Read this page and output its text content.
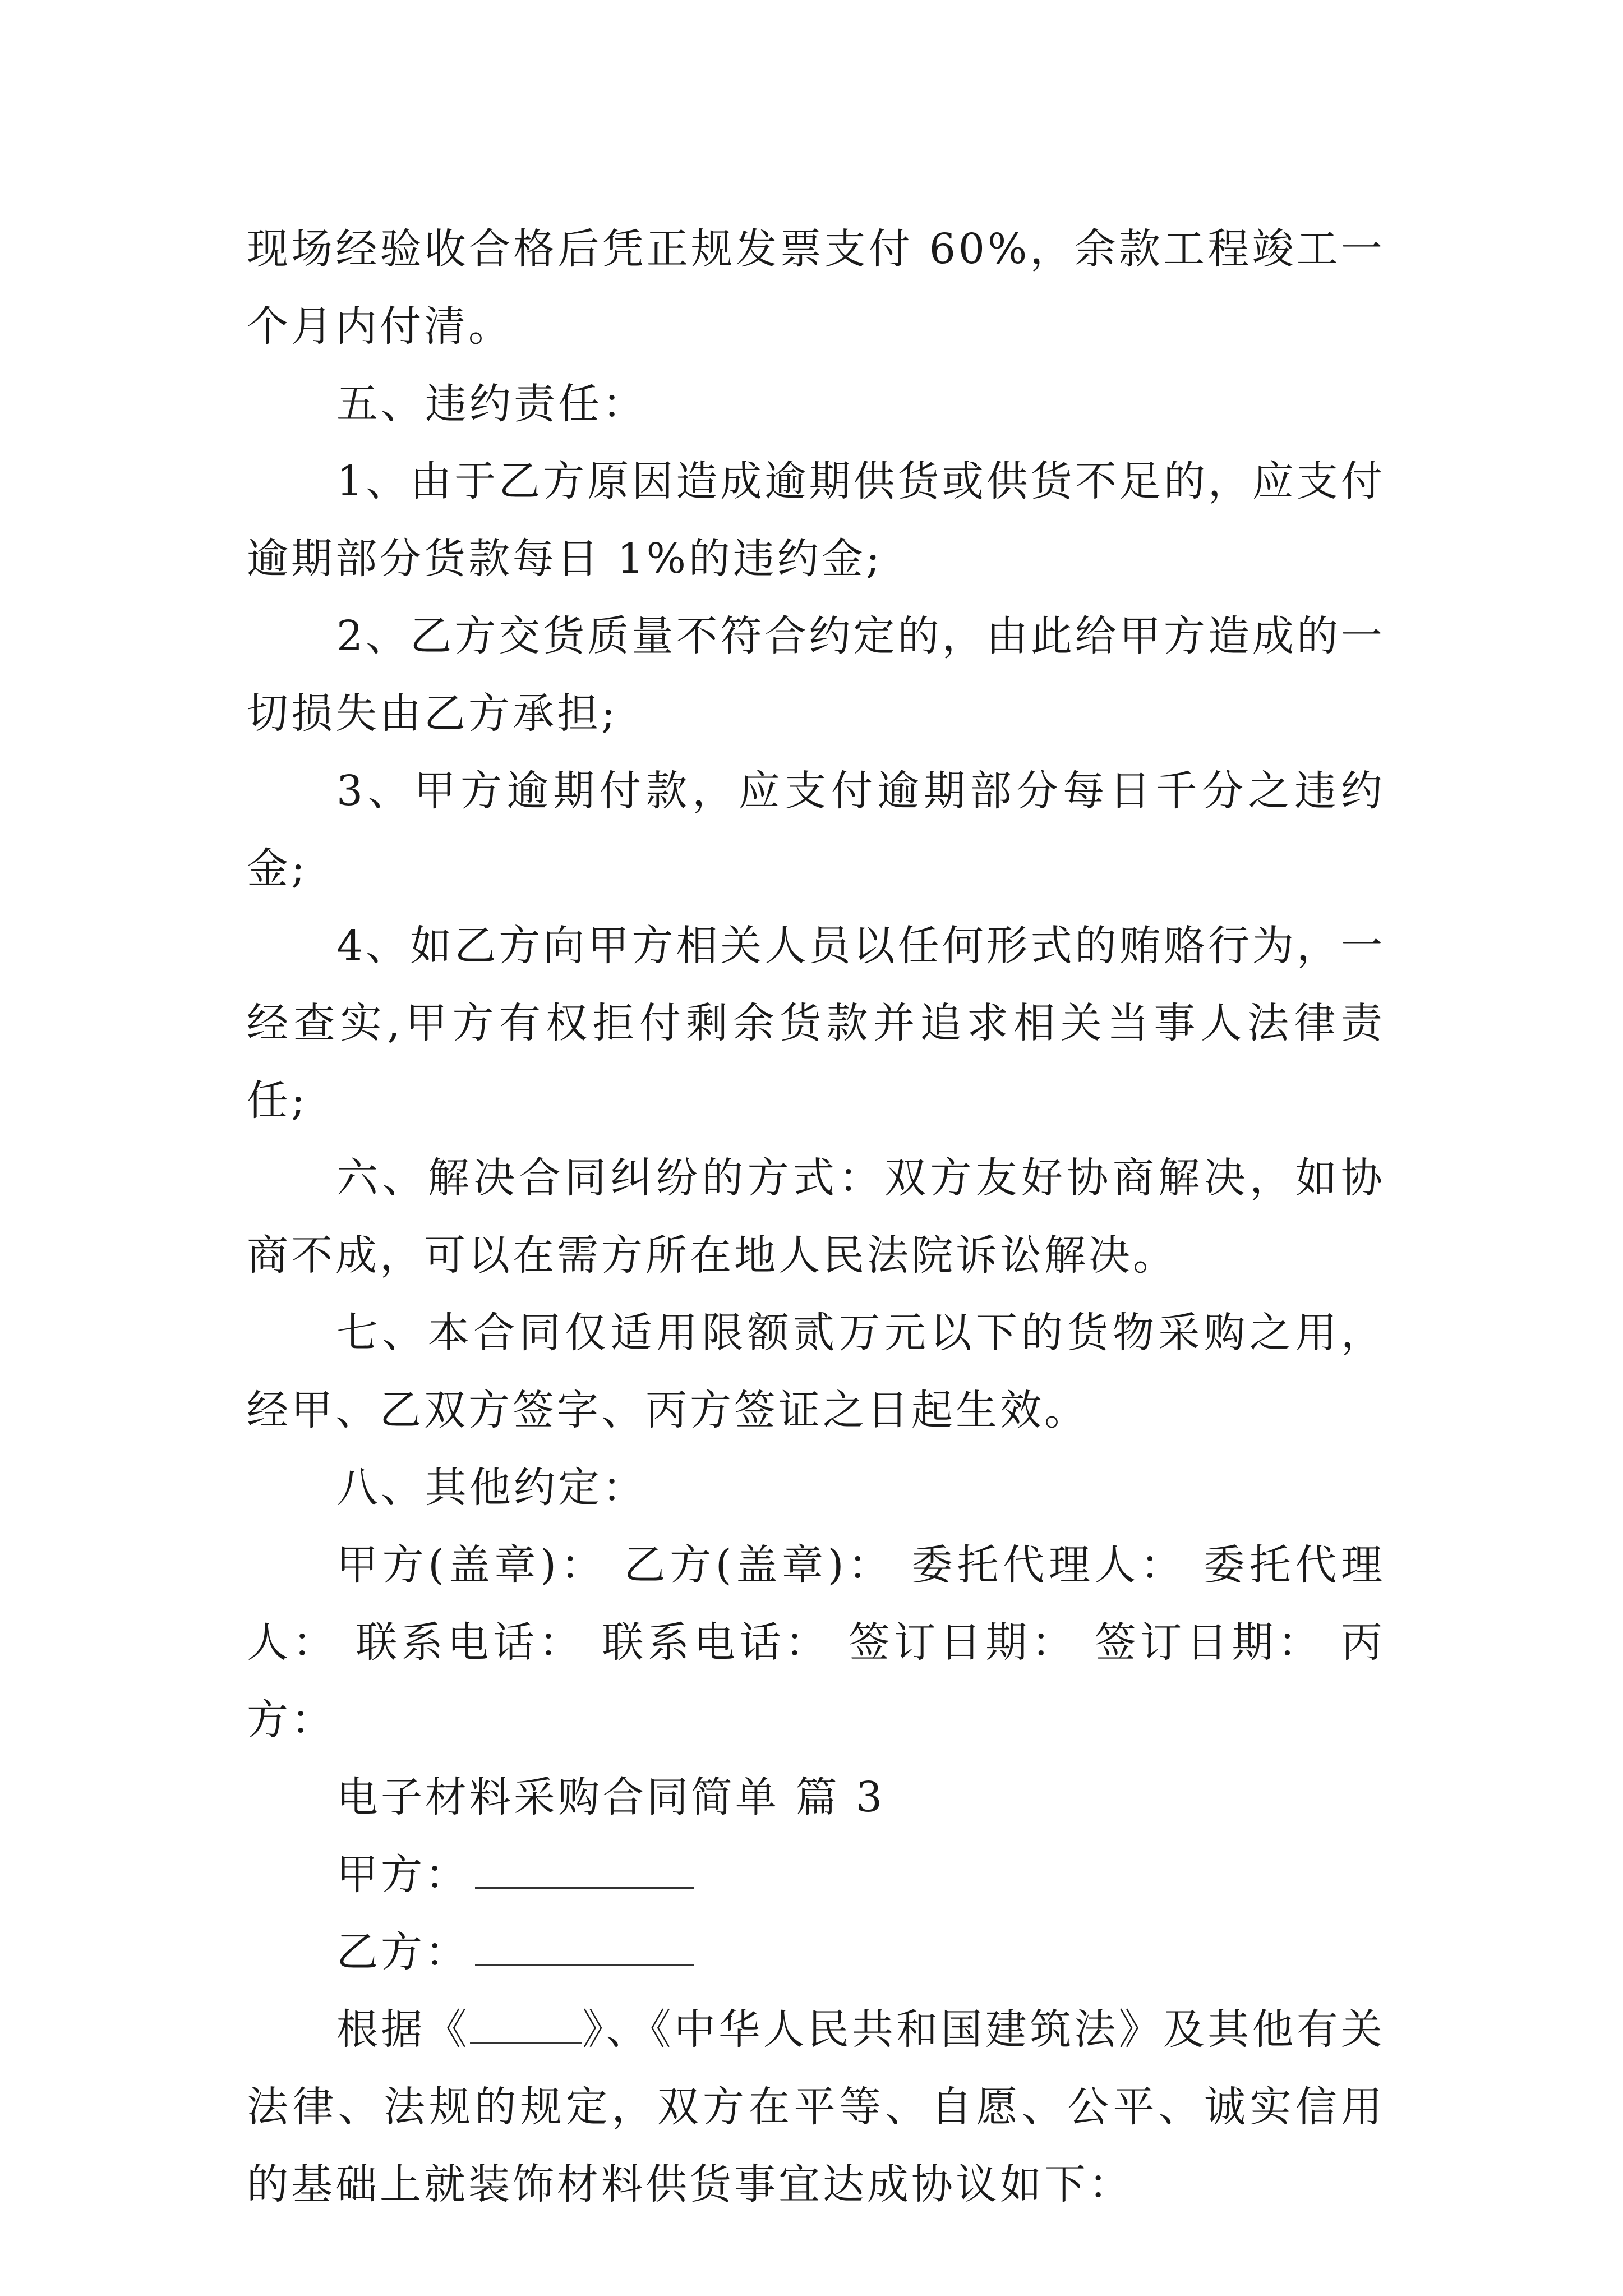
现场经验收合格后凭正规发票支付 60%，余款工程竣工一个月内付清。

五、违约责任：

1、由于乙方原因造成逾期供货或供货不足的，应支付逾期部分货款每日 1%的违约金;

2、乙方交货质量不符合约定的，由此给甲方造成的一切损失由乙方承担;

3、甲方逾期付款，应支付逾期部分每日千分之违约金;

4、如乙方向甲方相关人员以任何形式的贿赂行为，一经查实,甲方有权拒付剩余货款并追求相关当事人法律责任;

六、解决合同纠纷的方式：双方友好协商解决，如协商不成，可以在需方所在地人民法院诉讼解决。

七、本合同仅适用限额贰万元以下的货物采购之用，经甲、乙双方签字、丙方签证之日起生效。

八、其他约定：

甲方(盖章)： 乙方(盖章)： 委托代理人： 委托代理人： 联系电话： 联系电话： 签订日期： 签订日期： 丙方：

电子材料采购合同简单 篇 3

甲方：

乙方：

根据《	》、《中华人民共和国建筑法》及其他有关法律、法规的规定，双方在平等、自愿、公平、诚实信用的基础上就装饰材料供货事宜达成协议如下：
